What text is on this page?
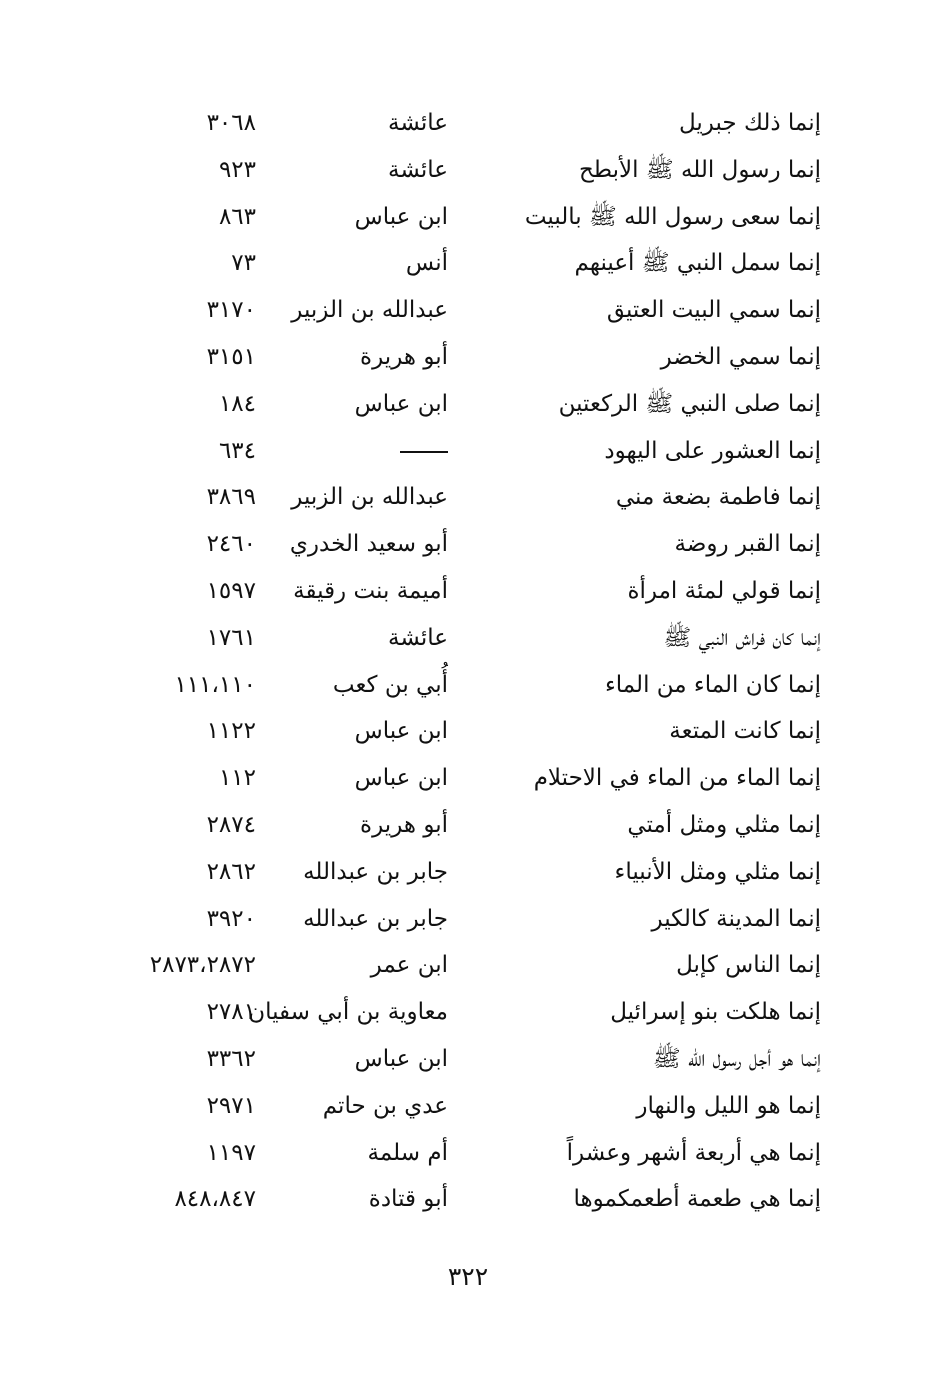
إنما ذلك جبريل
عائشة
٣٠٦٨
إنما رسول الله ﷺ الأبطح
عائشة
٩٢٣
إنما سعى رسول الله ﷺ بالبيت
ابن عباس
٨٦٣
إنما سمل النبي ﷺ أعينهم
أنس
٧٣
إنما سمي البيت العتيق
عبدالله بن الزبير
٣١٧٠
إنما سمي الخضر
أبو هريرة
٣١٥١
إنما صلى النبي ﷺ الركعتين
ابن عباس
١٨٤
إنما العشور على اليهود
٦٣٤
إنما فاطمة بضعة مني
عبدالله بن الزبير
٣٨٦٩
إنما القبر روضة
أبو سعيد الخدري
٢٤٦٠
إنما قولي لمئة امرأة
أميمة بنت رقيقة
١٥٩٧
إنما كان فراش النبي ﷺ
عائشة
١٧٦١
إنما كان الماء من الماء
أُبي بن كعب
١١١،١١٠
إنما كانت المتعة
ابن عباس
١١٢٢
إنما الماء من الماء في الاحتلام
ابن عباس
١١٢
إنما مثلي ومثل أمتي
أبو هريرة
٢٨٧٤
إنما مثلي ومثل الأنبياء
جابر بن عبدالله
٢٨٦٢
إنما المدينة كالكير
جابر بن عبدالله
٣٩٢٠
إنما الناس كإبل
ابن عمر
٢٨٧٣،٢٨٧٢
إنما هلكت بنو إسرائيل
معاوية بن أبي سفيان
٢٧٨١
إنما هو أجل رسول الله ﷺ
ابن عباس
٣٣٦٢
إنما هو الليل والنهار
عدي بن حاتم
٢٩٧١
إنما هي أربعة أشهر وعشراً
أم سلمة
١١٩٧
إنما هي طعمة أطعمكموها
أبو قتادة
٨٤٨،٨٤٧
٣٢٢
